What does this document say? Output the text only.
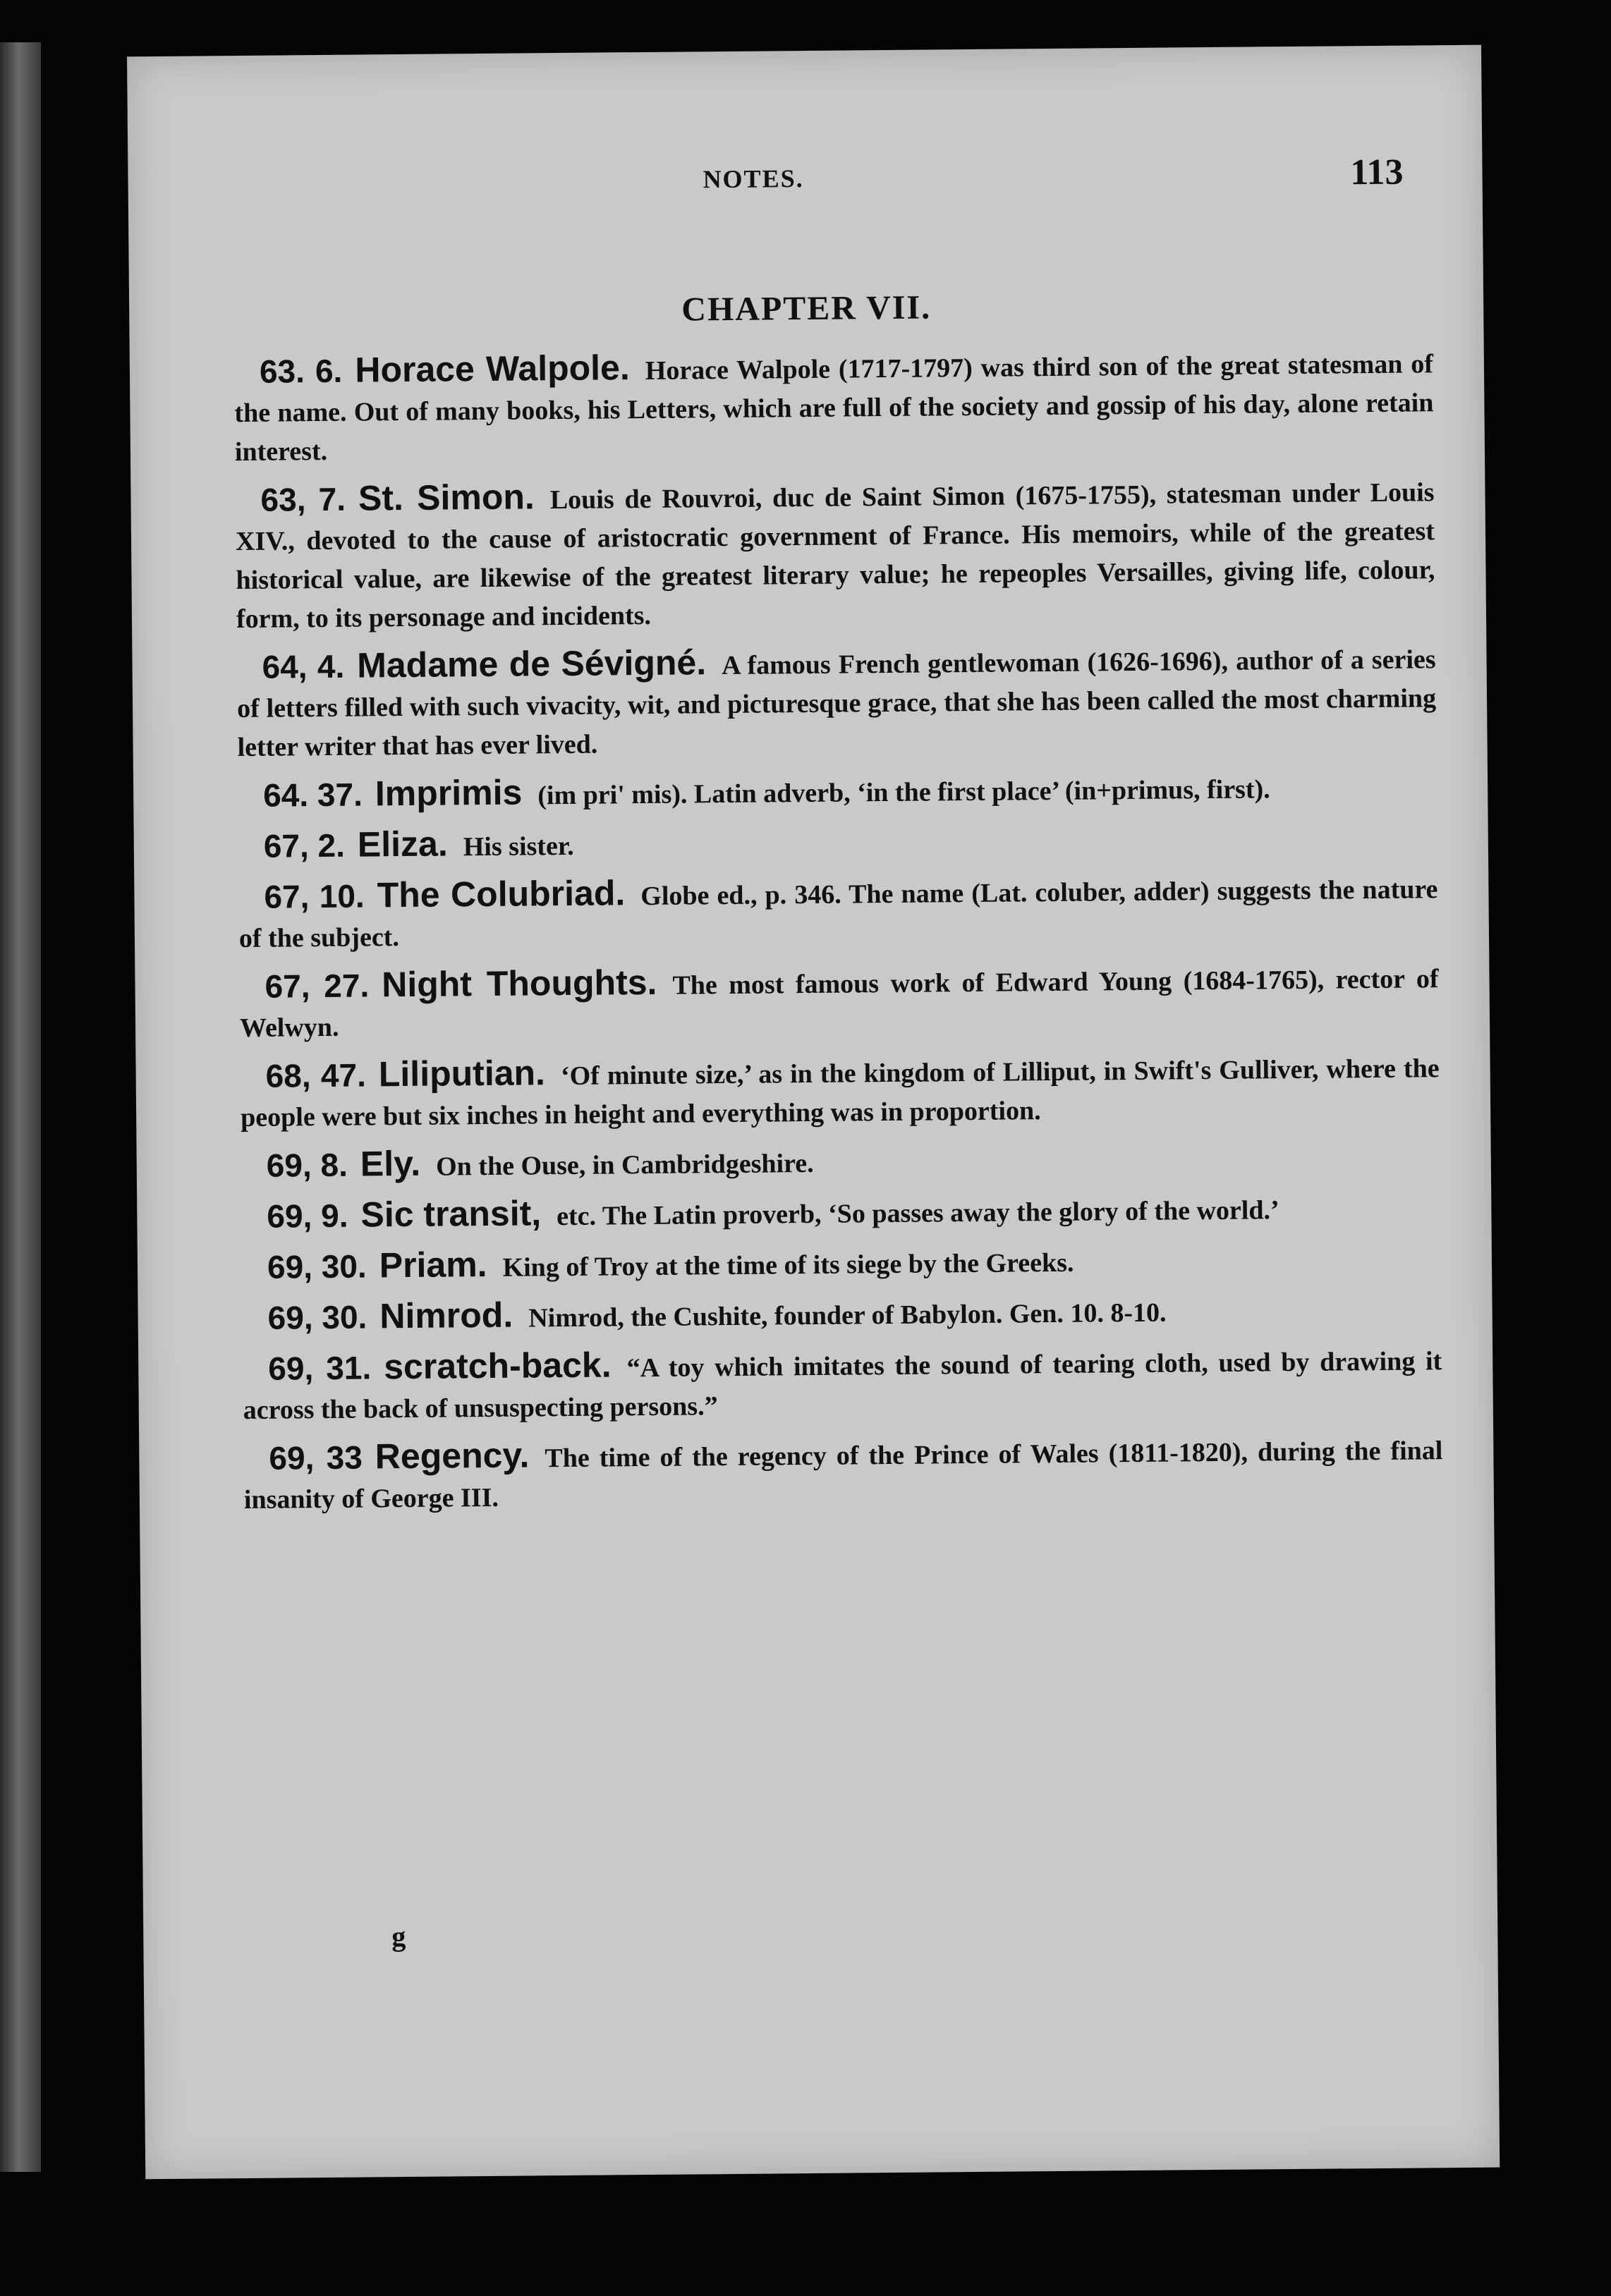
NOTES.	113
CHAPTER VII.

63. 6. Horace Walpole. Horace Walpole (1717-1797) was third son of the great statesman of the name. Out of many books, his Letters, which are full of the society and gossip of his day, alone retain interest.

63, 7. St. Simon. Louis de Rouvroi, duc de Saint Simon (1675-1755), statesman under Louis XIV., devoted to the cause of aristocratic government of France. His memoirs, while of the greatest historical value, are likewise of the greatest literary value; he repeoples Versailles, giving life, colour, form, to its personage and incidents.

64, 4. Madame de Sévigné. A famous French gentlewoman (1626-1696), author of a series of letters filled with such vivacity, wit, and picturesque grace, that she has been called the most charming letter writer that has ever lived.

64. 37. Imprimis (im pri' mis). Latin adverb, ‘in the first place’ (in+primus, first).

67, 2. Eliza. His sister.

67, 10. The Colubriad. Globe ed., p. 346. The name (Lat. coluber, adder) suggests the nature of the subject.

67, 27. Night Thoughts. The most famous work of Edward Young (1684-1765), rector of Welwyn.

68, 47. Liliputian. ‘Of minute size,’ as in the kingdom of Lilliput, in Swift's Gulliver, where the people were but six inches in height and everything was in proportion.

69, 8. Ely. On the Ouse, in Cambridgeshire.

69, 9. Sic transit, etc. The Latin proverb, ‘So passes away the glory of the world.’

69, 30. Priam. King of Troy at the time of its siege by the Greeks.

69, 30. Nimrod. Nimrod, the Cushite, founder of Babylon. Gen. 10. 8-10.

69, 31. scratch-back. “A toy which imitates the sound of tearing cloth, used by drawing it across the back of unsuspecting persons.”

69, 33 Regency. The time of the regency of the Prince of Wales (1811-1820), during the final insanity of George III.

g
